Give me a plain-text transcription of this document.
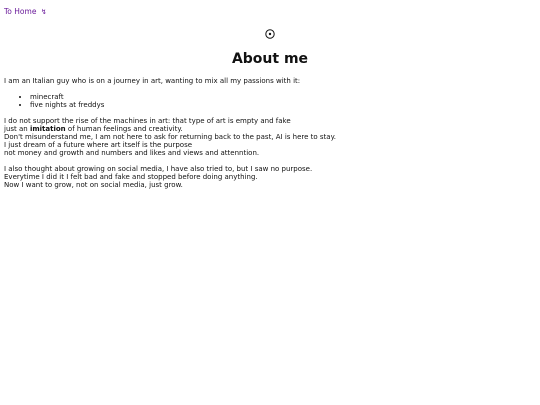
To Home ↯
About me

I am an Italian guy who is on a journey in art, wanting to mix all my passions with it:

• minecraft
• five nights at freddys

I do not support the rise of the machines in art: that type of art is empty and fake
just an imitation of human feelings and creativity.
Don't misunderstand me, I am not here to ask for returning back to the past, AI is here to stay.
I just dream of a future where art itself is the purpose
not money and growth and numbers and likes and views and attenntion.

I also thought about growing on social media, I have also tried to, but I saw no purpose.
Everytime I did it I felt bad and fake and stopped before doing anything.
Now I want to grow, not on social media, just grow.
